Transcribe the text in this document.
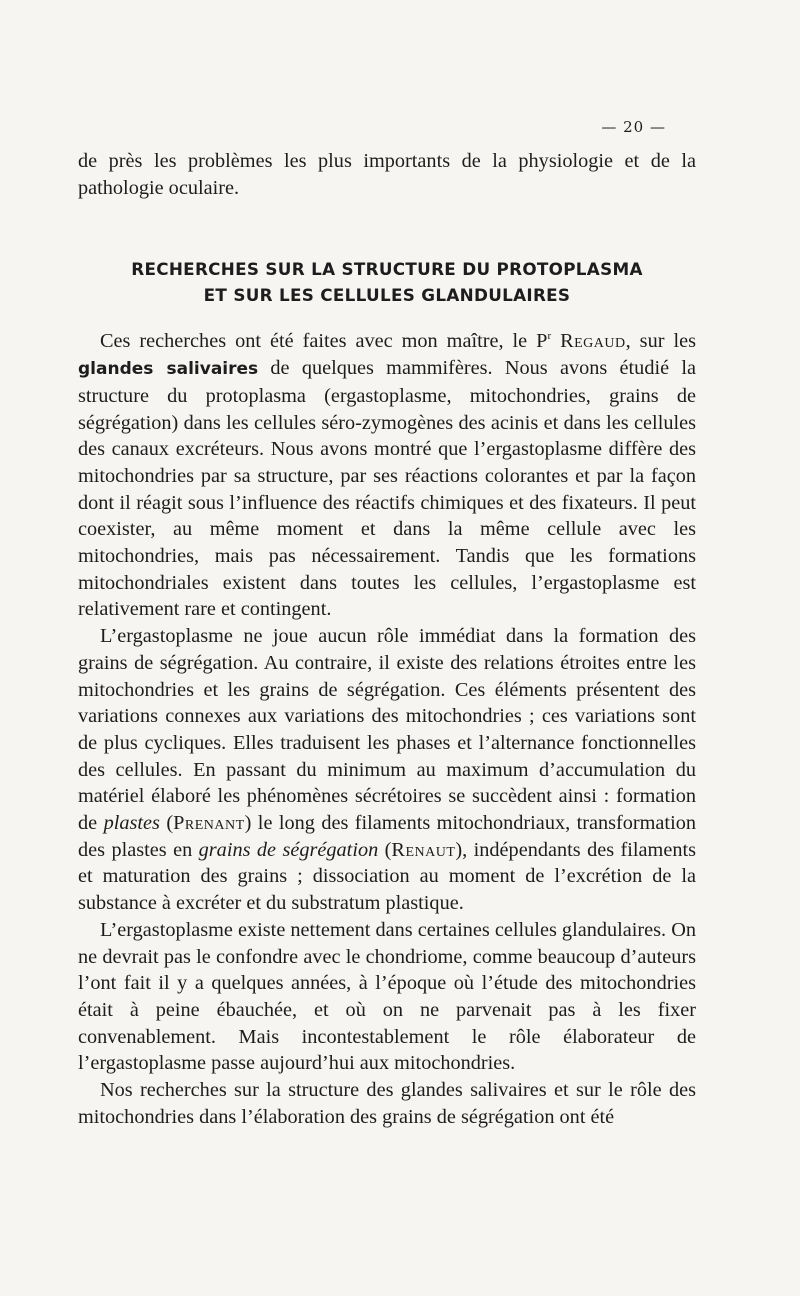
— 20 —

de près les problèmes les plus importants de la physiologie et de la pathologie oculaire.

RECHERCHES SUR LA STRUCTURE DU PROTOPLASMA
ET SUR LES CELLULES GLANDULAIRES

Ces recherches ont été faites avec mon maître, le $P^r$ Regaud, sur les glandes salivaires de quelques mammifères. Nous avons étudié la structure du protoplasma (ergastoplasme, mitochondries, grains de ségrégation) dans les cellules séro-zymogènes des acinis et dans les cellules des canaux excréteurs. Nous avons montré que l’ergastoplasme diffère des mitochondries par sa structure, par ses réactions colorantes et par la façon dont il réagit sous l’influence des réactifs chimiques et des fixateurs. Il peut coexister, au même moment et dans la même cellule avec les mitochondries, mais pas nécessairement. Tandis que les formations mitochondriales existent dans toutes les cellules, l’ergastoplasme est relativement rare et contingent.

L’ergastoplasme ne joue aucun rôle immédiat dans la formation des grains de ségrégation. Au contraire, il existe des relations étroites entre les mitochondries et les grains de ségrégation. Ces éléments présentent des variations connexes aux variations des mitochondries ; ces variations sont de plus cycliques. Elles traduisent les phases et l’alternance fonctionnelles des cellules. En passant du minimum au maximum d’accumulation du matériel élaboré les phénomènes sécrétoires se succèdent ainsi : formation de plastes (Prenant) le long des filaments mitochondriaux, transformation des plastes en grains de ségrégation (Renaut), indépendants des filaments et maturation des grains ; dissociation au moment de l’excrétion de la substance à excréter et du substratum plastique.

L’ergastoplasme existe nettement dans certaines cellules glandulaires. On ne devrait pas le confondre avec le chondriome, comme beaucoup d’auteurs l’ont fait il y a quelques années, à l’époque où l’étude des mitochondries était à peine ébauchée, et où on ne parvenait pas à les fixer convenablement. Mais incontestablement le rôle élaborateur de l’ergastoplasme passe aujourd’hui aux mitochondries.

Nos recherches sur la structure des glandes salivaires et sur le rôle des mitochondries dans l’élaboration des grains de ségrégation ont été
